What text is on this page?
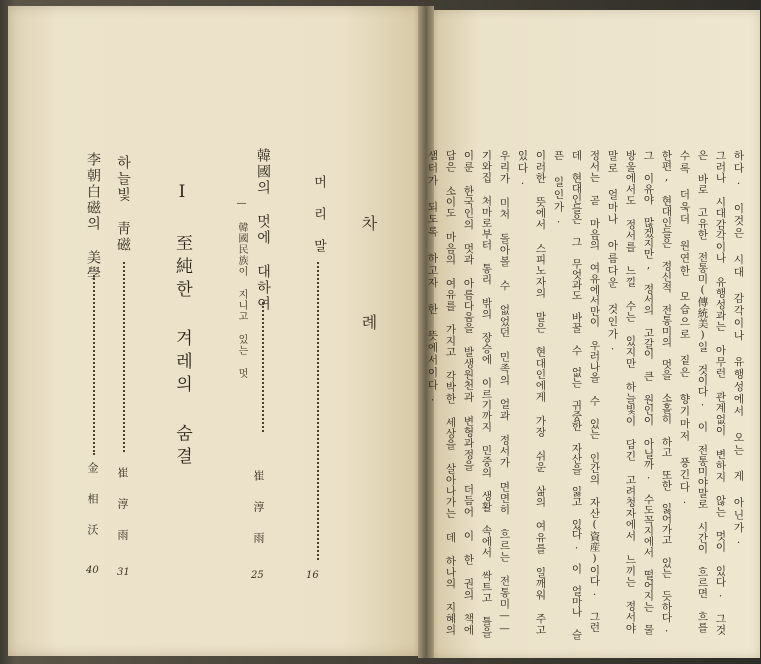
차 례
머 리 말
16
韓國의 멋에 대하여
— 韓國民族이 지니고 있는 멋
崔淳雨
25
I 至純한 겨레의 숨결
하늘빛 靑磁
崔淳雨
31
李朝白磁의 美學
金相沃
40
하다. 이것은 시대 감각이나 유행성에서 오는 게 아닌가.
그러나 시대감각이나 유행성과는 아무런 관계없이 변하지 않는 멋이 있다. 그것
은 바로 고유한 전통미(傳統美)일 것이다. 이 전통미야말로 시간이 흐르면 흐를
수록 더욱더 원연한 모습으로 짙은 향기마저 풍긴다.
한편, 현대인들은 정신적 전통미의 멋을 소홀히 하고 또한 잃어가고 있는 듯하다.
그 이유야 많겠지만, 정서의 고갈이 큰 원인이 아닐까. 수도꼭지에서 떨어지는 물
방울에서도 정서를 느낄 수는 있지만 하늘빛이 담긴 고려청자에서 느끼는 정서야
말로 얼마나 아름다운 것인가.
정서는 곧 마음의 여유에서만이 우러나올 수 있는 인간의 자산(資産)이다. 그런
데 현대인들은 그 무엇과도 바꿀 수 없는 귀중한 자산을 잃고 있다. 이 얼마나 슬
픈 일인가.
이러한 뜻에서 스피노자의 말은 현대인에게 가장 쉬운 삶의 여유를 일깨워 주고
있다.
우리가 미처 돌아볼 수 없었던 민족의 얼과 정서가 면면히 흐르는 전통미——
기와집 처마로부터 통리 밖의 장승에 이르기까지 민중의 생활 속에서 싹트고 틀을
이룬 한국인의 멋과 아름다움을 발생원천과 변형과정을 더듬어 이 한 권의 책에
담은 소이도 마음의 여유를 가지고 각박한 세상을 살아나가는 데 하나의 지혜의
샘터가 되도록 하고자 한 뜻에서이다.
